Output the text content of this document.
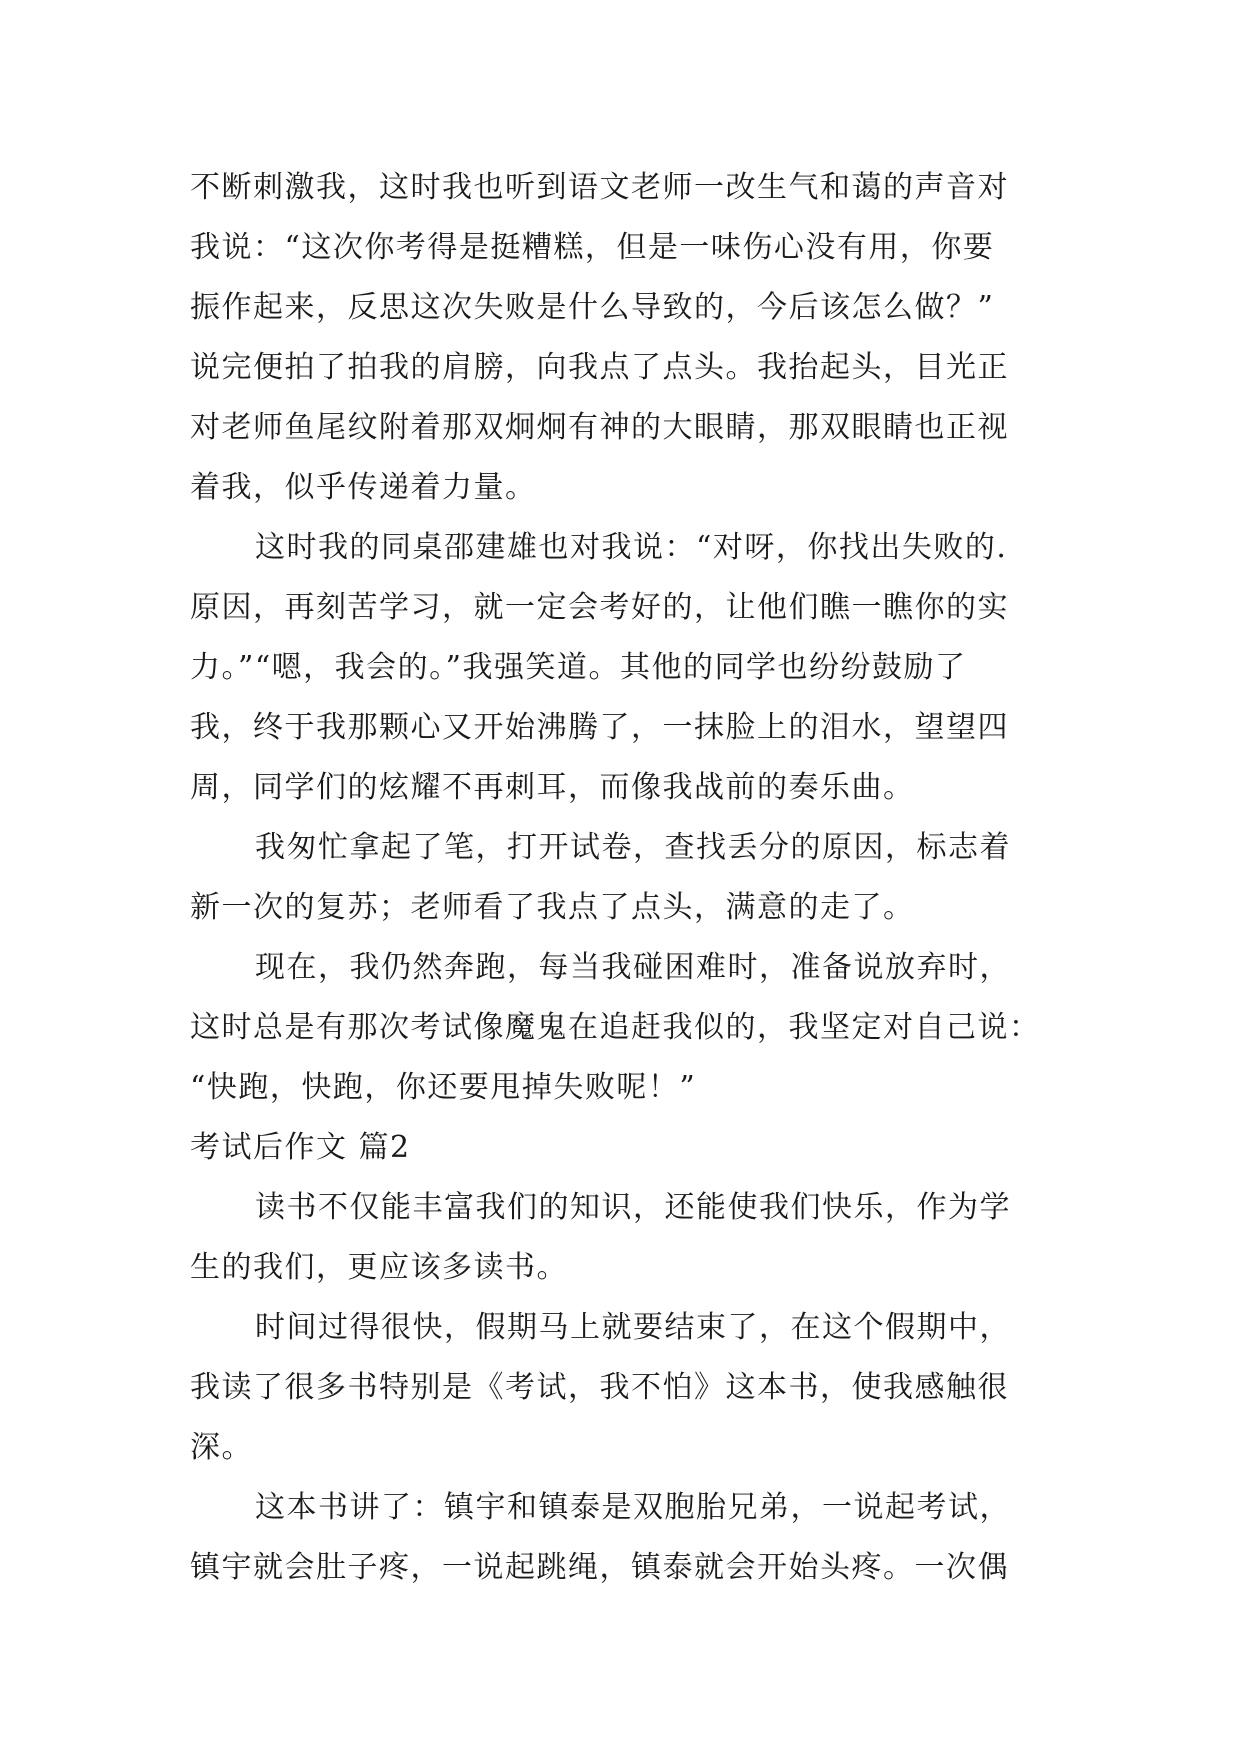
不断刺激我，这时我也听到语文老师一改生气和蔼的声音对
我说：“这次你考得是挺糟糕，但是一味伤心没有用，你要
振作起来，反思这次失败是什么导致的，今后该怎么做？”
说完便拍了拍我的肩膀，向我点了点头。我抬起头，目光正
对老师鱼尾纹附着那双炯炯有神的大眼睛，那双眼睛也正视
着我，似乎传递着力量。
这时我的同桌邵建雄也对我说：“对呀，你找出失败的.
原因，再刻苦学习，就一定会考好的，让他们瞧一瞧你的实
力。”“嗯，我会的。”我强笑道。其他的同学也纷纷鼓励了
我，终于我那颗心又开始沸腾了，一抹脸上的泪水，望望四
周，同学们的炫耀不再刺耳，而像我战前的奏乐曲。
我匆忙拿起了笔，打开试卷，查找丢分的原因，标志着
新一次的复苏；老师看了我点了点头，满意的走了。
现在，我仍然奔跑，每当我碰困难时，准备说放弃时，
这时总是有那次考试像魔鬼在追赶我似的，我坚定对自己说：
“快跑，快跑，你还要甩掉失败呢！”
考试后作文 篇2
读书不仅能丰富我们的知识，还能使我们快乐，作为学
生的我们，更应该多读书。
时间过得很快，假期马上就要结束了，在这个假期中，
我读了很多书特别是《考试，我不怕》这本书，使我感触很
深。
这本书讲了：镇宇和镇泰是双胞胎兄弟，一说起考试，
镇宇就会肚子疼，一说起跳绳，镇泰就会开始头疼。一次偶
